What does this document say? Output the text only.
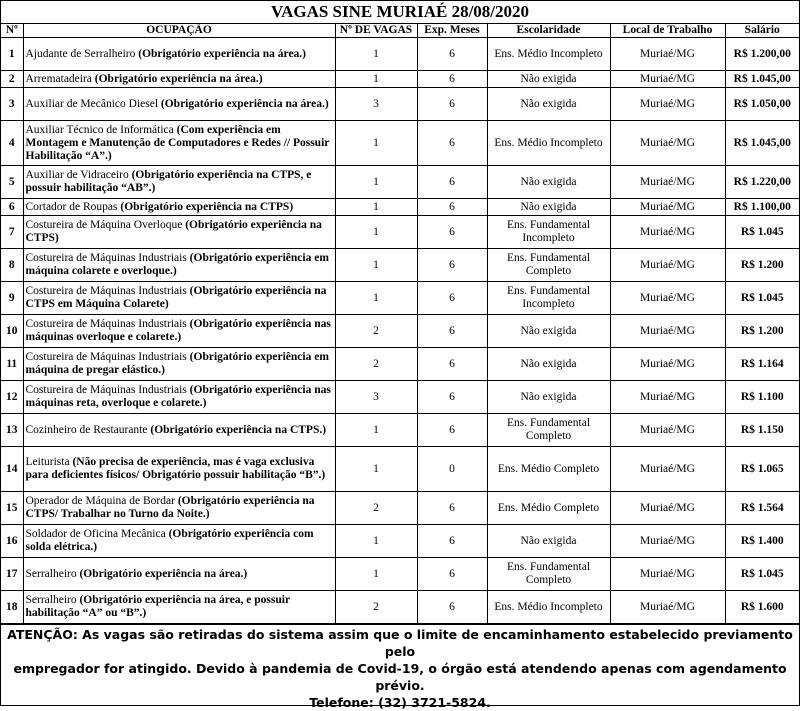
VAGAS SINE MURIAÉ 28/08/2020
Nº	OCUPAÇÃO	Nº DE VAGAS	Exp. Meses	Escolaridade	Local de Trabalho	Salário
1	Ajudante de Serralheiro (Obrigatório experiência na área.)	1	6	Ens. Médio Incompleto	Muriaé/MG	R$ 1.200,00
2	Arrematadeira (Obrigatório experiência na área.)	1	6	Não exigida	Muriaé/MG	R$ 1.045,00
3	Auxiliar de Mecânico Diesel (Obrigatório experiência na área.)	3	6	Não exigida	Muriaé/MG	R$ 1.050,00
4	Auxiliar Técnico de Informática (Com experiência em Montagem e Manutenção de Computadores e Redes // Possuir Habilitação “A”.)	1	6	Ens. Médio Incompleto	Muriaé/MG	R$ 1.045,00
5	Auxiliar de Vidraceiro (Obrigatório experiência na CTPS, e possuir habilitação “AB”.)	1	6	Não exigida	Muriaé/MG	R$ 1.220,00
6	Cortador de Roupas (Obrigatório experiência na CTPS)	1	6	Não exigida	Muriaé/MG	R$ 1.100,00
7	Costureira de Máquina Overloque (Obrigatório experiência na CTPS)	1	6	Ens. Fundamental Incompleto	Muriaé/MG	R$ 1.045
8	Costureira de Máquinas Industriais (Obrigatório experiência em máquina colarete e overloque.)	1	6	Ens. Fundamental Completo	Muriaé/MG	R$ 1.200
9	Costureira de Máquinas Industriais (Obrigatório experiência na CTPS em Máquina Colarete)	1	6	Ens. Fundamental Incompleto	Muriaé/MG	R$ 1.045
10	Costureira de Máquinas Industriais (Obrigatório experiência nas máquinas overloque e colarete.)	2	6	Não exigida	Muriaé/MG	R$ 1.200
11	Costureira de Máquinas Industriais (Obrigatório experiência em máquina de pregar elástico.)	2	6	Não exigida	Muriaé/MG	R$ 1.164
12	Costureira de Máquinas Industriais (Obrigatório experiência nas máquinas reta, overloque e colarete.)	3	6	Não exigida	Muriaé/MG	R$ 1.100
13	Cozinheiro de Restaurante (Obrigatório experiência na CTPS.)	1	6	Ens. Fundamental Completo	Muriaé/MG	R$ 1.150
14	Leiturista (Não precisa de experiência, mas é vaga exclusiva para deficientes físicos/ Obrigatório possuir habilitação “B”.)	1	0	Ens. Médio Completo	Muriaé/MG	R$ 1.065
15	Operador de Máquina de Bordar (Obrigatório experiência na CTPS/ Trabalhar no Turno da Noite.)	2	6	Ens. Médio Completo	Muriaé/MG	R$ 1.564
16	Soldador de Oficina Mecânica (Obrigatório experiência com solda elétrica.)	1	6	Não exigida	Muriaé/MG	R$ 1.400
17	Serralheiro (Obrigatório experiência na área.)	1	6	Ens. Fundamental Completo	Muriaé/MG	R$ 1.045
18	Serralheiro (Obrigatório experiência na área, e possuir habilitação “A” ou “B”.)	2	6	Ens. Médio Incompleto	Muriaé/MG	R$ 1.600
ATENÇÃO: As vagas são retiradas do sistema assim que o limite de encaminhamento estabelecido previamento pelo
empregador for atingido. Devido à pandemia de Covid-19, o órgão está atendendo apenas com agendamento prévio.
Telefone: (32) 3721-5824.
